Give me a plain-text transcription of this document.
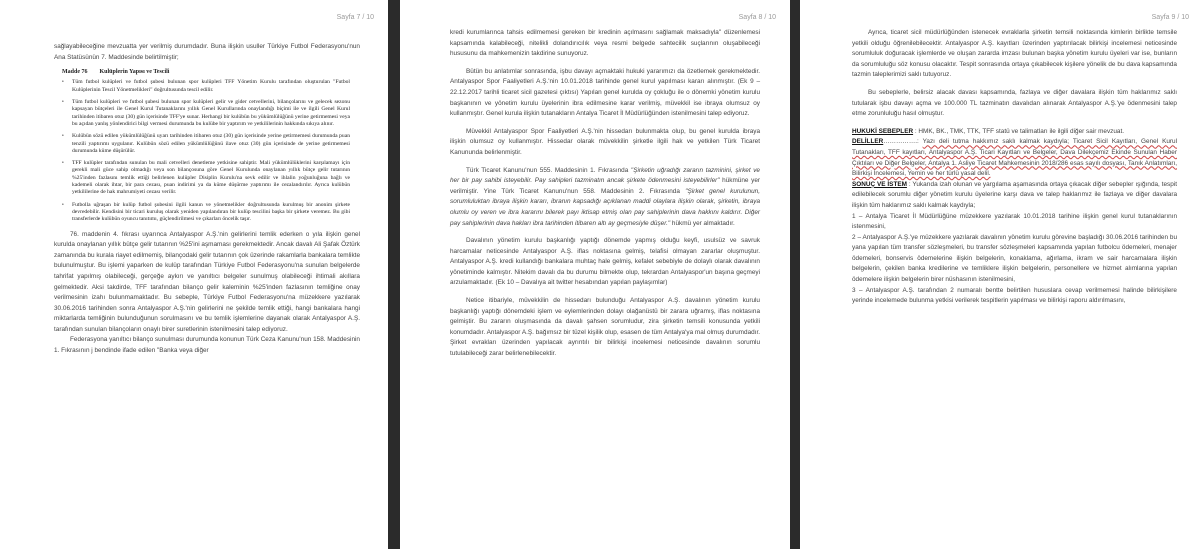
Sayfa 7 / 10

sağlayabileceğine mevzuatta yer verilmiş durumdadır. Buna ilişkin usuller Türkiye Futbol Federasyonu'nun Ana Statüsünün 7. Maddesinde belirtilmiştir;

Madde 76 Kulüplerin Yapısı ve Tescili
• Tüm futbol kulüpleri ve futbol şubesi bulunan spor kulüpleri TFF Yönetim Kurulu tarafından oluşturulan "Futbol Kulüplerinin Tescil Yönetmelikleri" doğrultusunda tescil edilir.
• Tüm futbol kulüpleri ve futbol şubesi bulunan spor kulüpleri gelir ve gider cetvellerini, bilançolarını ve gelecek sezonu kapsayan bütçeleri ile Genel Kurul Tutanaklarını yıllık Genel Kurullarında onaylandığı biçimi ile ve ilgili Genel Kurul tarihinden itibaren otuz (30) gün içerisinde TFF'ye sunar. Herhangi bir kulübün bu yükümlülüğünü yerine getirmemesi veya bu açıdan yanlış yönlendirici bilgi vermesi durumunda bu kulübe bir yaptırım ve yetkililerinin hakkında sıkıya alınır.
• Kulübün sözü edilen yükümlülüğünü uyarı tarihinden itibaren otuz (30) gün içerisinde yerine getirmemesi durumunda puan tenzili yaptırımı uygulanır. Kulübün sözü edilen yükümlülüğünü ilave otuz (30) gün içerisinde de yerine getirmemesi durumunda küme düşürülür.
• TFF kulüpler tarafından sunulan bu mali cetvelleri denetleme yetkisine sahiptir. Mali yükümlülüklerini karşılamayı için gerekli mali güce sahip olmadığı veya son bilançosuna göre Genel Kurulunda onaylanan yıllık bütçe gelir tutarının %25'inden fazlasını temlik ettiği belirlenen kulüpler Disiplin Kurulu'na sevk edilir ve ihlalin yoğunluğuna bağlı ve kademeli olarak ihtar, bir para cezası, puan indirimi ya da küme düşürme yaptırımı ile cezalandırılır. Ayrıca kulübün yetkililerine de hak mahrumiyeti cezası verilir.
• Futbolla uğraşan bir kulüp futbol şubesini ilgili kanun ve yönetmelikler doğrultusunda kurulmuş bir anonim şirkete devredebilir. Kendisini bir ticari kuruluş olarak yeniden yapılandıran bir kulüp tescilini başka bir şirkete veremez. Bu gibi transferlerde kulübün oyuncu tanıtımı, güçlendirilmesi ve çıkarları öncelik taşır.

76. maddenin 4. fıkrası uyarınca Antalyaspor A.Ş.'nin gelirlerini temlik ederken o yıla ilişkin genel kurulda onaylanan yıllık bütçe gelir tutarının %25'ini aşmaması gerekmektedir. Ancak davalı Ali Şafak Öztürk zamanında bu kurala riayet edilmemiş, bilançodaki gelir tutarının çok üzerinde rakamlarla bankalara temlikte bulunulmuştur. Bu işlemi yaparken de kulüp tarafından Türkiye Futbol Federasyonu'na sunulan belgelerde tahrifat yapılmış olabileceği, gerçeğe aykırı ve yanıltıcı belgeler sunulmuş olabileceği ihtimali akıllara gelmektedir. Aksi takdirde, TFF tarafından bilanço gelir kaleminin %25'inden fazlasının temliğine onay verilmesinin izahı bulunmamaktadır. Bu sebeple, Türkiye Futbol Federasyonu'na müzekkere yazılarak 30.06.2016 tarihinden sonra Antalyaspor A.Ş.'nin gelirlerini ne şekilde temlik ettiği, hangi bankalara hangi miktarlarda temliğinin bulunduğunun sorulmasını ve bu temlik işlemlerine dayanak olarak Antalyaspor A.Ş. tarafından sunulan bilançoların onaylı birer suretlerinin istenilmesini talep ediyoruz.

Federasyona yanıltıcı bilanço sunulması durumunda konunun Türk Ceza Kanunu'nun 158. Maddesinin 1. Fıkrasının j bendinde ifade edilen "Banka veya diğer

Sayfa 8 / 10

kredi kurumlarınca tahsis edilmemesi gereken bir kredinin açılmasını sağlamak maksadıyla" düzenlemesi kapsamında kalabileceği, nitelikli dolandırıcılık veya resmi belgede sahtecilik suçlarının oluşabileceği hususunu da mahkemenizin takdirine sunuyoruz.

Bütün bu anlatımlar sonrasında, işbu davayı açmaktaki hukuki yararımızı da özetlemek gerekmektedir. Antalyaspor Spor Faaliyetleri A.Ş.'nin 10.01.2018 tarihinde genel kurul yapılması kararı alınmıştır. (Ek 9 – 22.12.2017 tarihli ticaret sicil gazetesi çıktısı) Yapılan genel kurulda oy çokluğu ile o dönemki yönetim kurulu başkanının ve yönetim kurulu üyelerinin ibra edilmesine karar verilmiş, müvekkil ise ibraya olumsuz oy kullanmıştır. Genel kurula ilişkin tutanakların Antalya Ticaret İl Müdürlüğünden istenilmesini talep ediyoruz.

Müvekkil Antalyaspor Spor Faaliyetleri A.Ş.'nin hissedarı bulunmakta olup, bu genel kurulda ibraya ilişkin olumsuz oy kullanmıştır. Hissedar olarak müvekkilin şirketle ilgili hak ve yetkilen Türk Ticaret Kanununda belirlenmiştir.

Türk Ticaret Kanunu'nun 555. Maddesinin 1. Fıkrasında "Şirketin uğradığı zararın tazminini, şirket ve her bir pay sahibi isteyebilir. Pay sahipleri tazminatın ancak şirkete ödenmesini isteyebilirler" hükmüne yer verilmiştir. Yine Türk Ticaret Kanunu'nun 558. Maddesinin 2. Fıkrasında "Şirket genel kurulunun, sorumluluktan ibraya ilişkin kararı, ibranın kapsadığı açıklanan maddi olaylara ilişkin olarak, şirketin, ibraya olumlu oy veren ve ibra kararını bilerek payı iktisap etmiş olan pay sahiplerinin dava hakkını kaldırır. Diğer pay sahiplerinin dava hakları ibra tarihinden itibaren altı ay geçmesiyle düşer." hükmü yer almaktadır.

Davalının yönetim kurulu başkanlığı yaptığı dönemde yapmış olduğu keyfi, usulsüz ve savruk harcamalar neticesinde Antalyaspor A.Ş. iflas noktasına gelmiş, telafisi olmayan zararlar oluşmuştur. Antalyaspor A.Ş. kredi kullandığı bankalara muhtaç hale gelmiş, kefalet sebebiyle de dolaylı olarak davalının yönetiminde kalmıştır. Nitekim davalı da bu durumu bilmekte olup, tekrardan Antalyaspor'un başına geçmeyi arzulamaktadır. (Ek 10 – Davalıya ait twitter hesabından yapılan paylaşımlar)

Netice itibariyle, müvekkilin de hissedarı bulunduğu Antalyaspor A.Ş. davalının yönetim kurulu başkanlığı yaptığı dönemdeki işlem ve eylemlerinden dolayı olağanüstü bir zarara uğramış, iflas noktasına gelmiştir. Bu zararın oluşmasında da davalı şahsen sorumludur, zira şirketin temsili konusunda yetkili konumdadır. Antalyaspor A.Ş. bağımsız bir tüzel kişilik olup, esasen de tüm Antalya'ya mal olmuş durumdadır. Şirket evrakları üzerinden yapılacak ayrıntılı bir bilirkişi incelemesi neticesinde davalının sorumlu tutulabileceği zarar belirlenebilecektir.

Sayfa 9 / 10

Ayrıca, ticaret sicil müdürlüğünden istenecek evraklarla şirketin temsili noktasında kimlerin birlikte temsile yetkili olduğu öğrenilebilecektir. Antalyaspor A.Ş. kayıtları üzerinden yaptırılacak bilirkişi incelemesi neticesinde sorumluluk doğuracak işlemlerde ve oluşan zararda imzası bulunan başka yönetim kurulu üyeleri var ise, bunların da sorumluluğu söz konusu olacaktır. Tespit sonrasında ortaya çıkabilecek kişilere yönelik de bu dava kapsamında tazmin taleplerimizi saklı tutuyoruz.

Bu sebeplerle, belirsiz alacak davası kapsamında, fazlaya ve diğer davalara ilişkin tüm haklarımız saklı tutularak işbu davayı açma ve 100.000 TL tazminatın davalıdan alınarak Antalyaspor A.Ş.'ye ödenmesini talep etme zorunluluğu hasıl olmuştur.

HUKUKİ SEBEPLER : HMK, BK., TMK, TTK, TFF statü ve talimatları ile ilgili diğer sair mevzuat.

DELİLLER…………….: Yazı deli tutma hakkımız saklı kalmak kaydıyla; Ticaret Sicil Kayıtları, Genel Kurul Tutanakları, TFF kayıtları, Antalyaspor A.Ş. Ticari Kayıtları ve Belgeler, Dava Dilekçemiz Ekinde Sunulan Haber Çıktıları ve Diğer Belgeler, Antalya 1. Asliye Ticaret Mahkemesinin 2018/286 esas sayılı dosyası, Tanık Anlatımları, Bilirkişi İncelemesi, Yemin ve her türlü yasal delil.

SONUÇ VE İSTEM : Yukarıda izah olunan ve yargılama aşamasında ortaya çıkacak diğer sebepler ışığında, tespit edilebilecek sorumlu diğer yönetim kurulu üyelerine karşı dava ve talep haklarımız ile fazlaya ve diğer davalara ilişkin tüm haklarımız saklı kalmak kaydıyla;

1 – Antalya Ticaret İl Müdürlüğüne müzekkere yazılarak 10.01.2018 tarihine ilişkin genel kurul tutanaklarının istenmesini,

2 – Antalyaspor A.Ş.'ye müzekkere yazılarak davalının yönetim kurulu görevine başladığı 30.06.2016 tarihinden bu yana yapılan tüm transfer sözleşmeleri, bu transfer sözleşmeleri kapsamında yapılan futbolcu ödemeleri, menajer ödemeleri, bonservis ödemelerine ilişkin belgelerin, konaklama, ağırlama, ikram ve sair harcamalara ilişkin belgelerin, çekilen banka kredilerine ve temliklere ilişkin belgelerin, personellere ve hizmet alımlarına yapılan ödemelere ilişkin belgelerin birer nüshasının istenilmesini,

3 – Antalyaspor A.Ş. tarafından 2 numaralı bentte belirtilen hususlara cevap verilmemesi halinde bilirkişilere yerinde incelemede bulunma yetkisi verilerek tespitlerin yapılması ve bilirkişi raporu aldırılmasını,
